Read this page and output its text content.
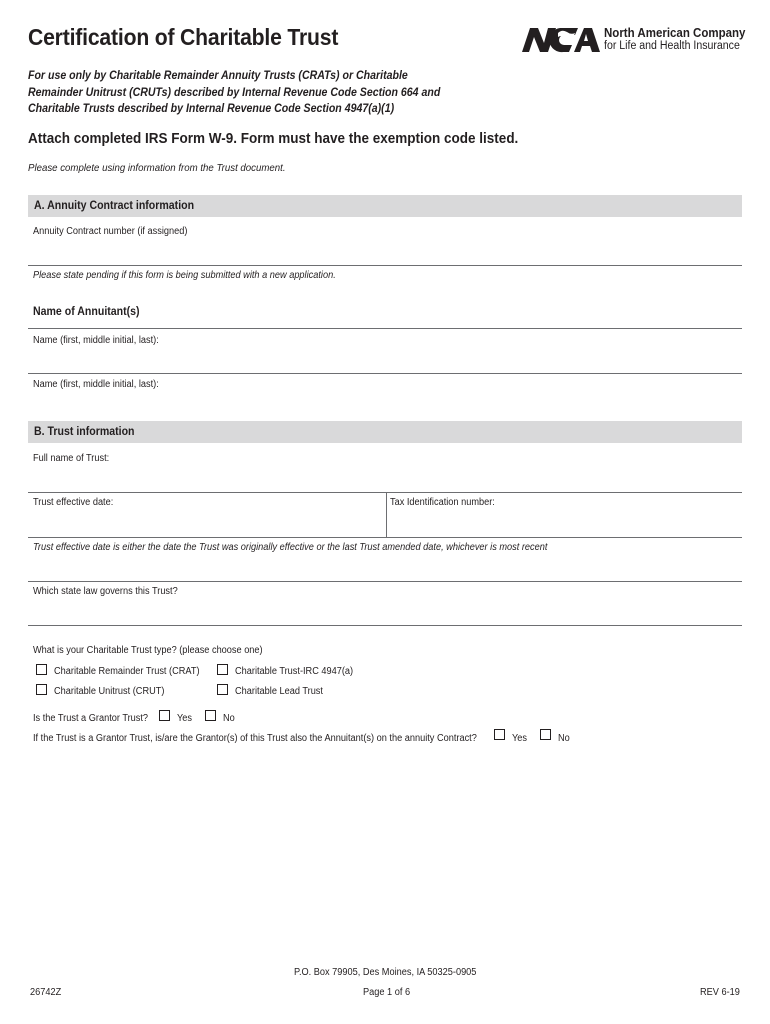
Certification of Charitable Trust	North American Company
for Life and Health Insurance
For use only by Charitable Remainder Annuity Trusts (CRATs) or Charitable Remainder Unitrust (CRUTs) described by Internal Revenue Code Section 664 and Charitable Trusts described by Internal Revenue Code Section 4947(a)(1)
Attach completed IRS Form W-9. Form must have the exemption code listed.
Please complete using information from the Trust document.
A. Annuity Contract information
Annuity Contract number (if assigned)
Please state pending if this form is being submitted with a new application.
Name of Annuitant(s)
Name (first, middle initial, last):
Name (first, middle initial, last):
B. Trust information
Full name of Trust:
Trust effective date:	Tax Identification number:
Trust effective date is either the date the Trust was originally effective or the last Trust amended date, whichever is most recent
Which state law governs this Trust?
What is your Charitable Trust type? (please choose one)
Charitable Remainder Trust (CRAT)	Charitable Trust-IRC 4947(a)
Charitable Unitrust (CRUT)	Charitable Lead Trust
Is the Trust a Grantor Trust?	Yes	No
If the Trust is a Grantor Trust, is/are the Grantor(s) of this Trust also the Annuitant(s) on the annuity Contract?	Yes	No
P.O. Box 79905, Des Moines, IA 50325-0905
26742Z	Page 1 of 6	REV 6-19
